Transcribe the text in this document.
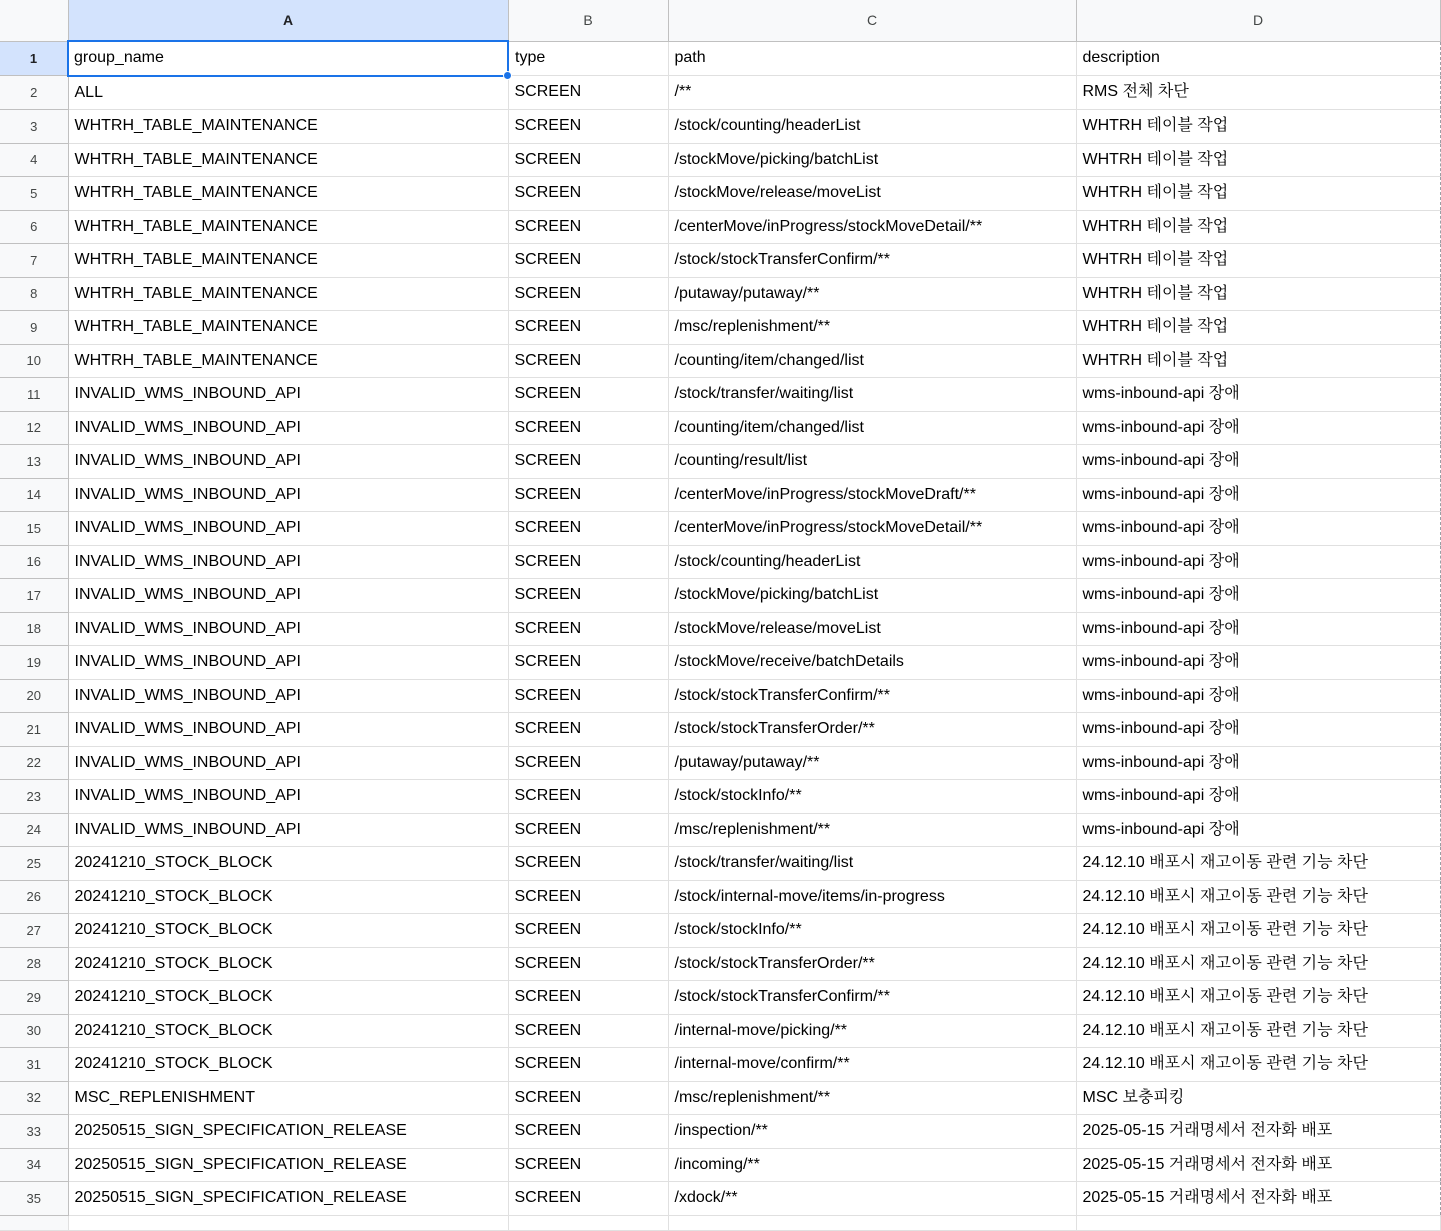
	A	B	C	D
1	group_name	type	path	description
2	ALL	SCREEN	/**	RMS 전체 차단
3	WHTRH_TABLE_MAINTENANCE	SCREEN	/stock/counting/headerList	WHTRH 테이블 작업
4	WHTRH_TABLE_MAINTENANCE	SCREEN	/stockMove/picking/batchList	WHTRH 테이블 작업
5	WHTRH_TABLE_MAINTENANCE	SCREEN	/stockMove/release/moveList	WHTRH 테이블 작업
6	WHTRH_TABLE_MAINTENANCE	SCREEN	/centerMove/inProgress/stockMoveDetail/**	WHTRH 테이블 작업
7	WHTRH_TABLE_MAINTENANCE	SCREEN	/stock/stockTransferConfirm/**	WHTRH 테이블 작업
8	WHTRH_TABLE_MAINTENANCE	SCREEN	/putaway/putaway/**	WHTRH 테이블 작업
9	WHTRH_TABLE_MAINTENANCE	SCREEN	/msc/replenishment/**	WHTRH 테이블 작업
10	WHTRH_TABLE_MAINTENANCE	SCREEN	/counting/item/changed/list	WHTRH 테이블 작업
11	INVALID_WMS_INBOUND_API	SCREEN	/stock/transfer/waiting/list	wms-inbound-api 장애
12	INVALID_WMS_INBOUND_API	SCREEN	/counting/item/changed/list	wms-inbound-api 장애
13	INVALID_WMS_INBOUND_API	SCREEN	/counting/result/list	wms-inbound-api 장애
14	INVALID_WMS_INBOUND_API	SCREEN	/centerMove/inProgress/stockMoveDraft/**	wms-inbound-api 장애
15	INVALID_WMS_INBOUND_API	SCREEN	/centerMove/inProgress/stockMoveDetail/**	wms-inbound-api 장애
16	INVALID_WMS_INBOUND_API	SCREEN	/stock/counting/headerList	wms-inbound-api 장애
17	INVALID_WMS_INBOUND_API	SCREEN	/stockMove/picking/batchList	wms-inbound-api 장애
18	INVALID_WMS_INBOUND_API	SCREEN	/stockMove/release/moveList	wms-inbound-api 장애
19	INVALID_WMS_INBOUND_API	SCREEN	/stockMove/receive/batchDetails	wms-inbound-api 장애
20	INVALID_WMS_INBOUND_API	SCREEN	/stock/stockTransferConfirm/**	wms-inbound-api 장애
21	INVALID_WMS_INBOUND_API	SCREEN	/stock/stockTransferOrder/**	wms-inbound-api 장애
22	INVALID_WMS_INBOUND_API	SCREEN	/putaway/putaway/**	wms-inbound-api 장애
23	INVALID_WMS_INBOUND_API	SCREEN	/stock/stockInfo/**	wms-inbound-api 장애
24	INVALID_WMS_INBOUND_API	SCREEN	/msc/replenishment/**	wms-inbound-api 장애
25	20241210_STOCK_BLOCK	SCREEN	/stock/transfer/waiting/list	24.12.10 배포시 재고이동 관련 기능 차단
26	20241210_STOCK_BLOCK	SCREEN	/stock/internal-move/items/in-progress	24.12.10 배포시 재고이동 관련 기능 차단
27	20241210_STOCK_BLOCK	SCREEN	/stock/stockInfo/**	24.12.10 배포시 재고이동 관련 기능 차단
28	20241210_STOCK_BLOCK	SCREEN	/stock/stockTransferOrder/**	24.12.10 배포시 재고이동 관련 기능 차단
29	20241210_STOCK_BLOCK	SCREEN	/stock/stockTransferConfirm/**	24.12.10 배포시 재고이동 관련 기능 차단
30	20241210_STOCK_BLOCK	SCREEN	/internal-move/picking/**	24.12.10 배포시 재고이동 관련 기능 차단
31	20241210_STOCK_BLOCK	SCREEN	/internal-move/confirm/**	24.12.10 배포시 재고이동 관련 기능 차단
32	MSC_REPLENISHMENT	SCREEN	/msc/replenishment/**	MSC 보충피킹
33	20250515_SIGN_SPECIFICATION_RELEASE	SCREEN	/inspection/**	2025-05-15 거래명세서 전자화 배포
34	20250515_SIGN_SPECIFICATION_RELEASE	SCREEN	/incoming/**	2025-05-15 거래명세서 전자화 배포
35	20250515_SIGN_SPECIFICATION_RELEASE	SCREEN	/xdock/**	2025-05-15 거래명세서 전자화 배포
